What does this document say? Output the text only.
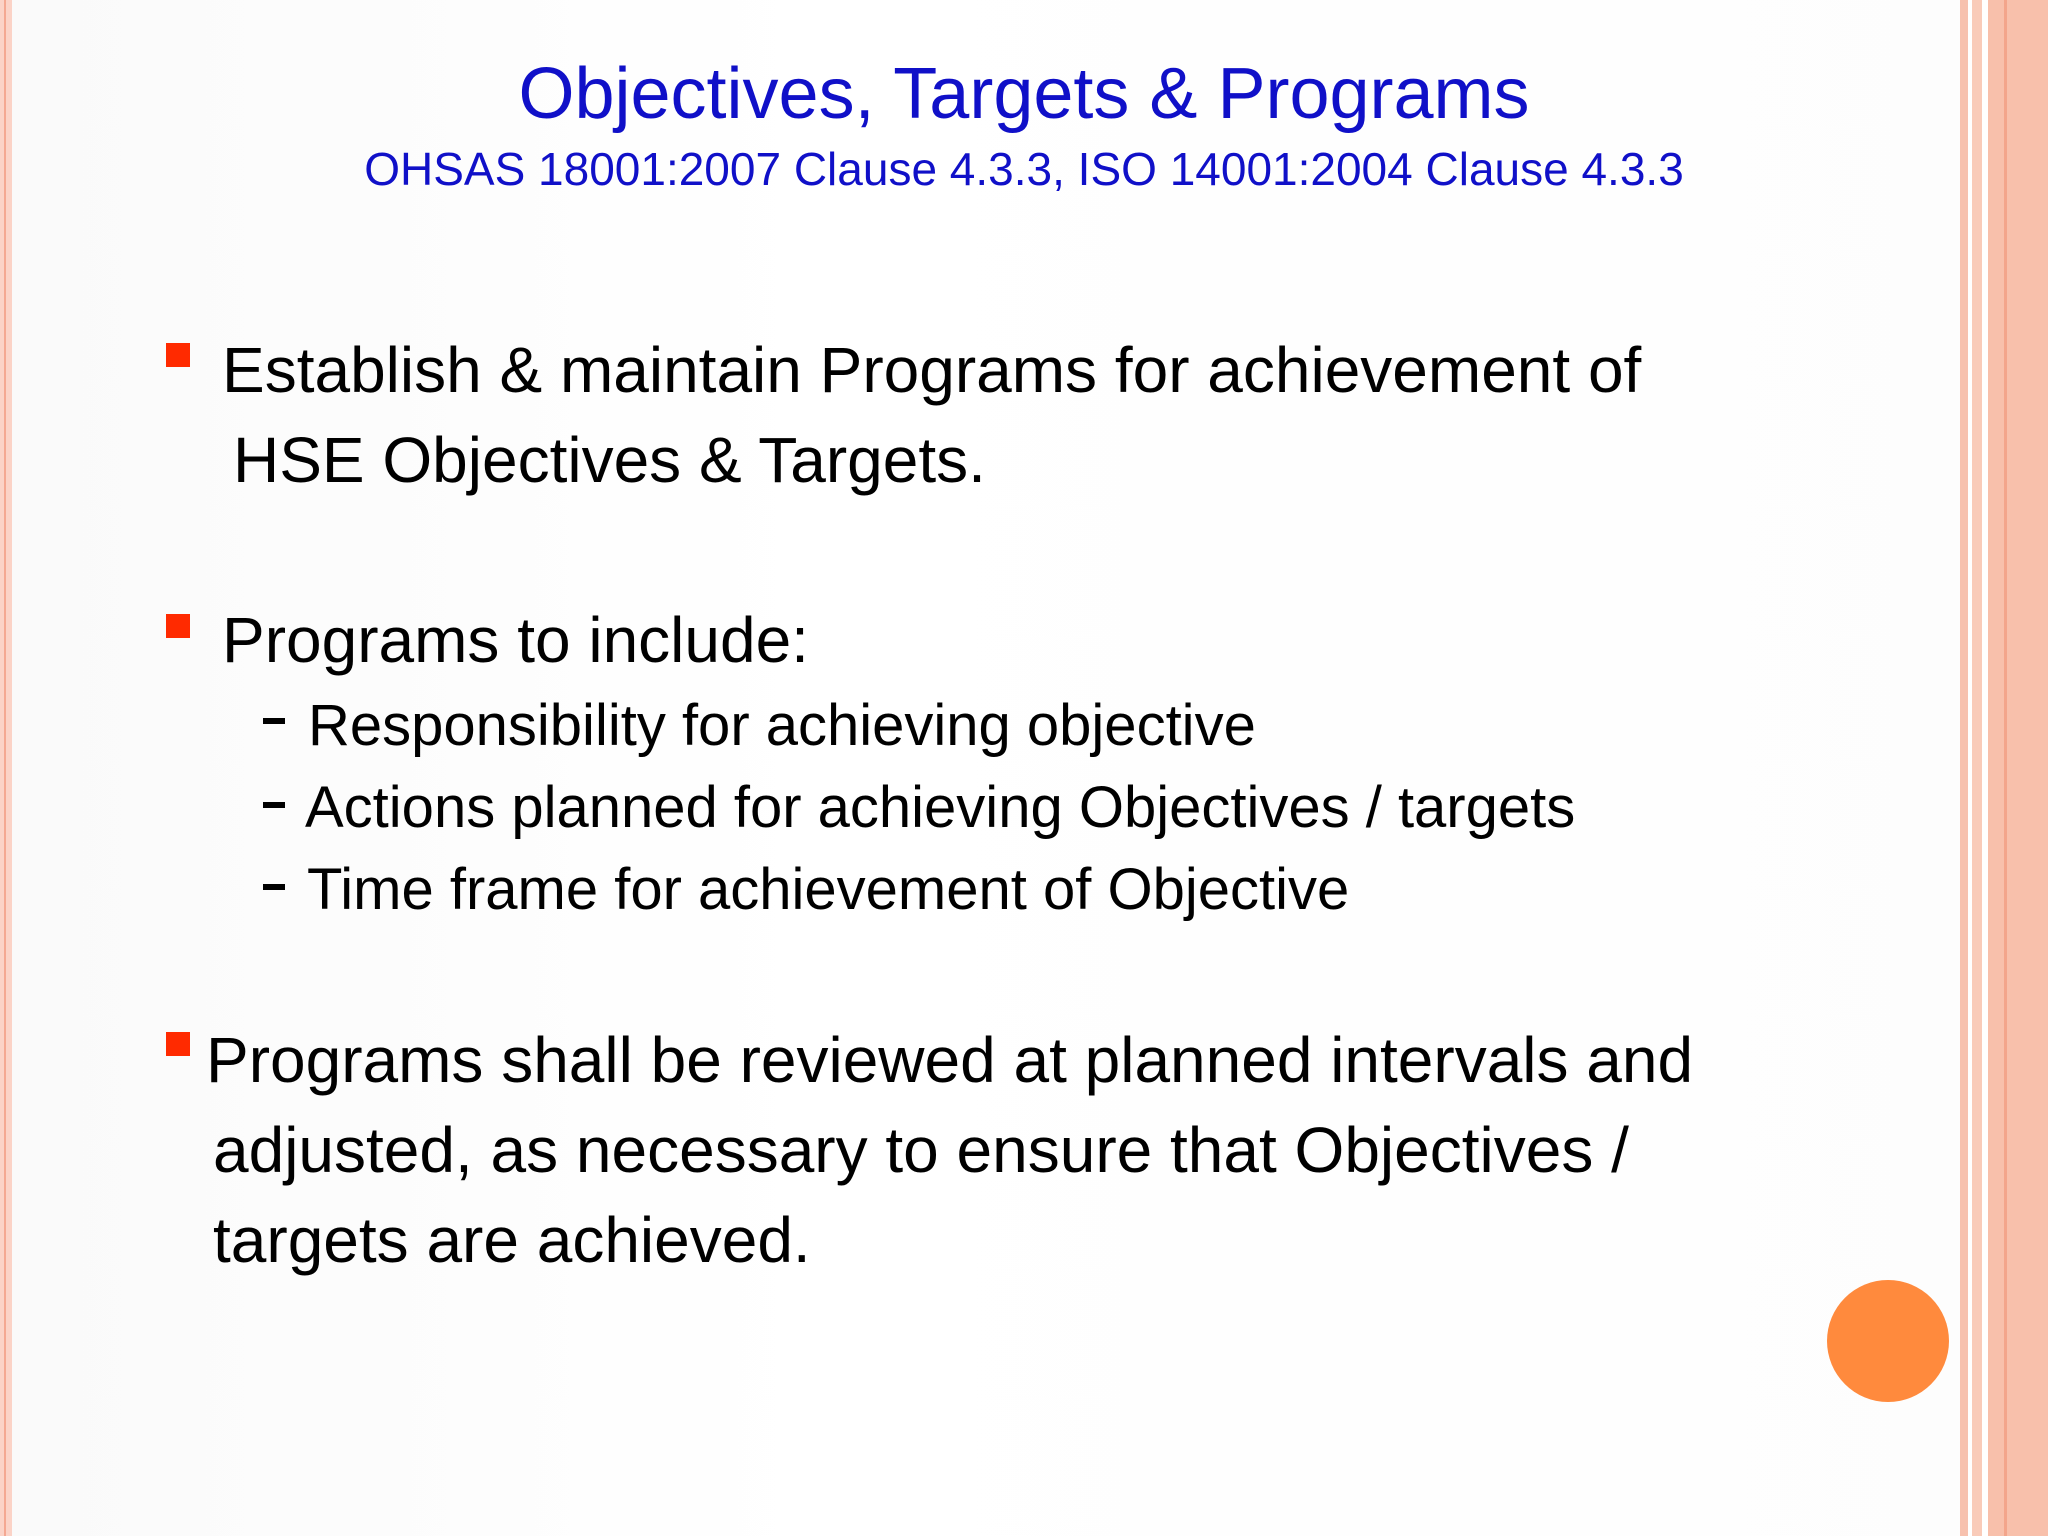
Objectives, Targets & Programs

OHSAS 18001:2007 Clause 4.3.3, ISO 14001:2004 Clause 4.3.3

Establish & maintain Programs for achievement of

HSE Objectives & Targets.

Programs to include:

Responsibility for achieving objective

Actions planned for achieving Objectives / targets

Time frame for achievement of Objective

Programs shall be reviewed at planned intervals and

adjusted, as necessary to ensure that Objectives /

targets are achieved.
